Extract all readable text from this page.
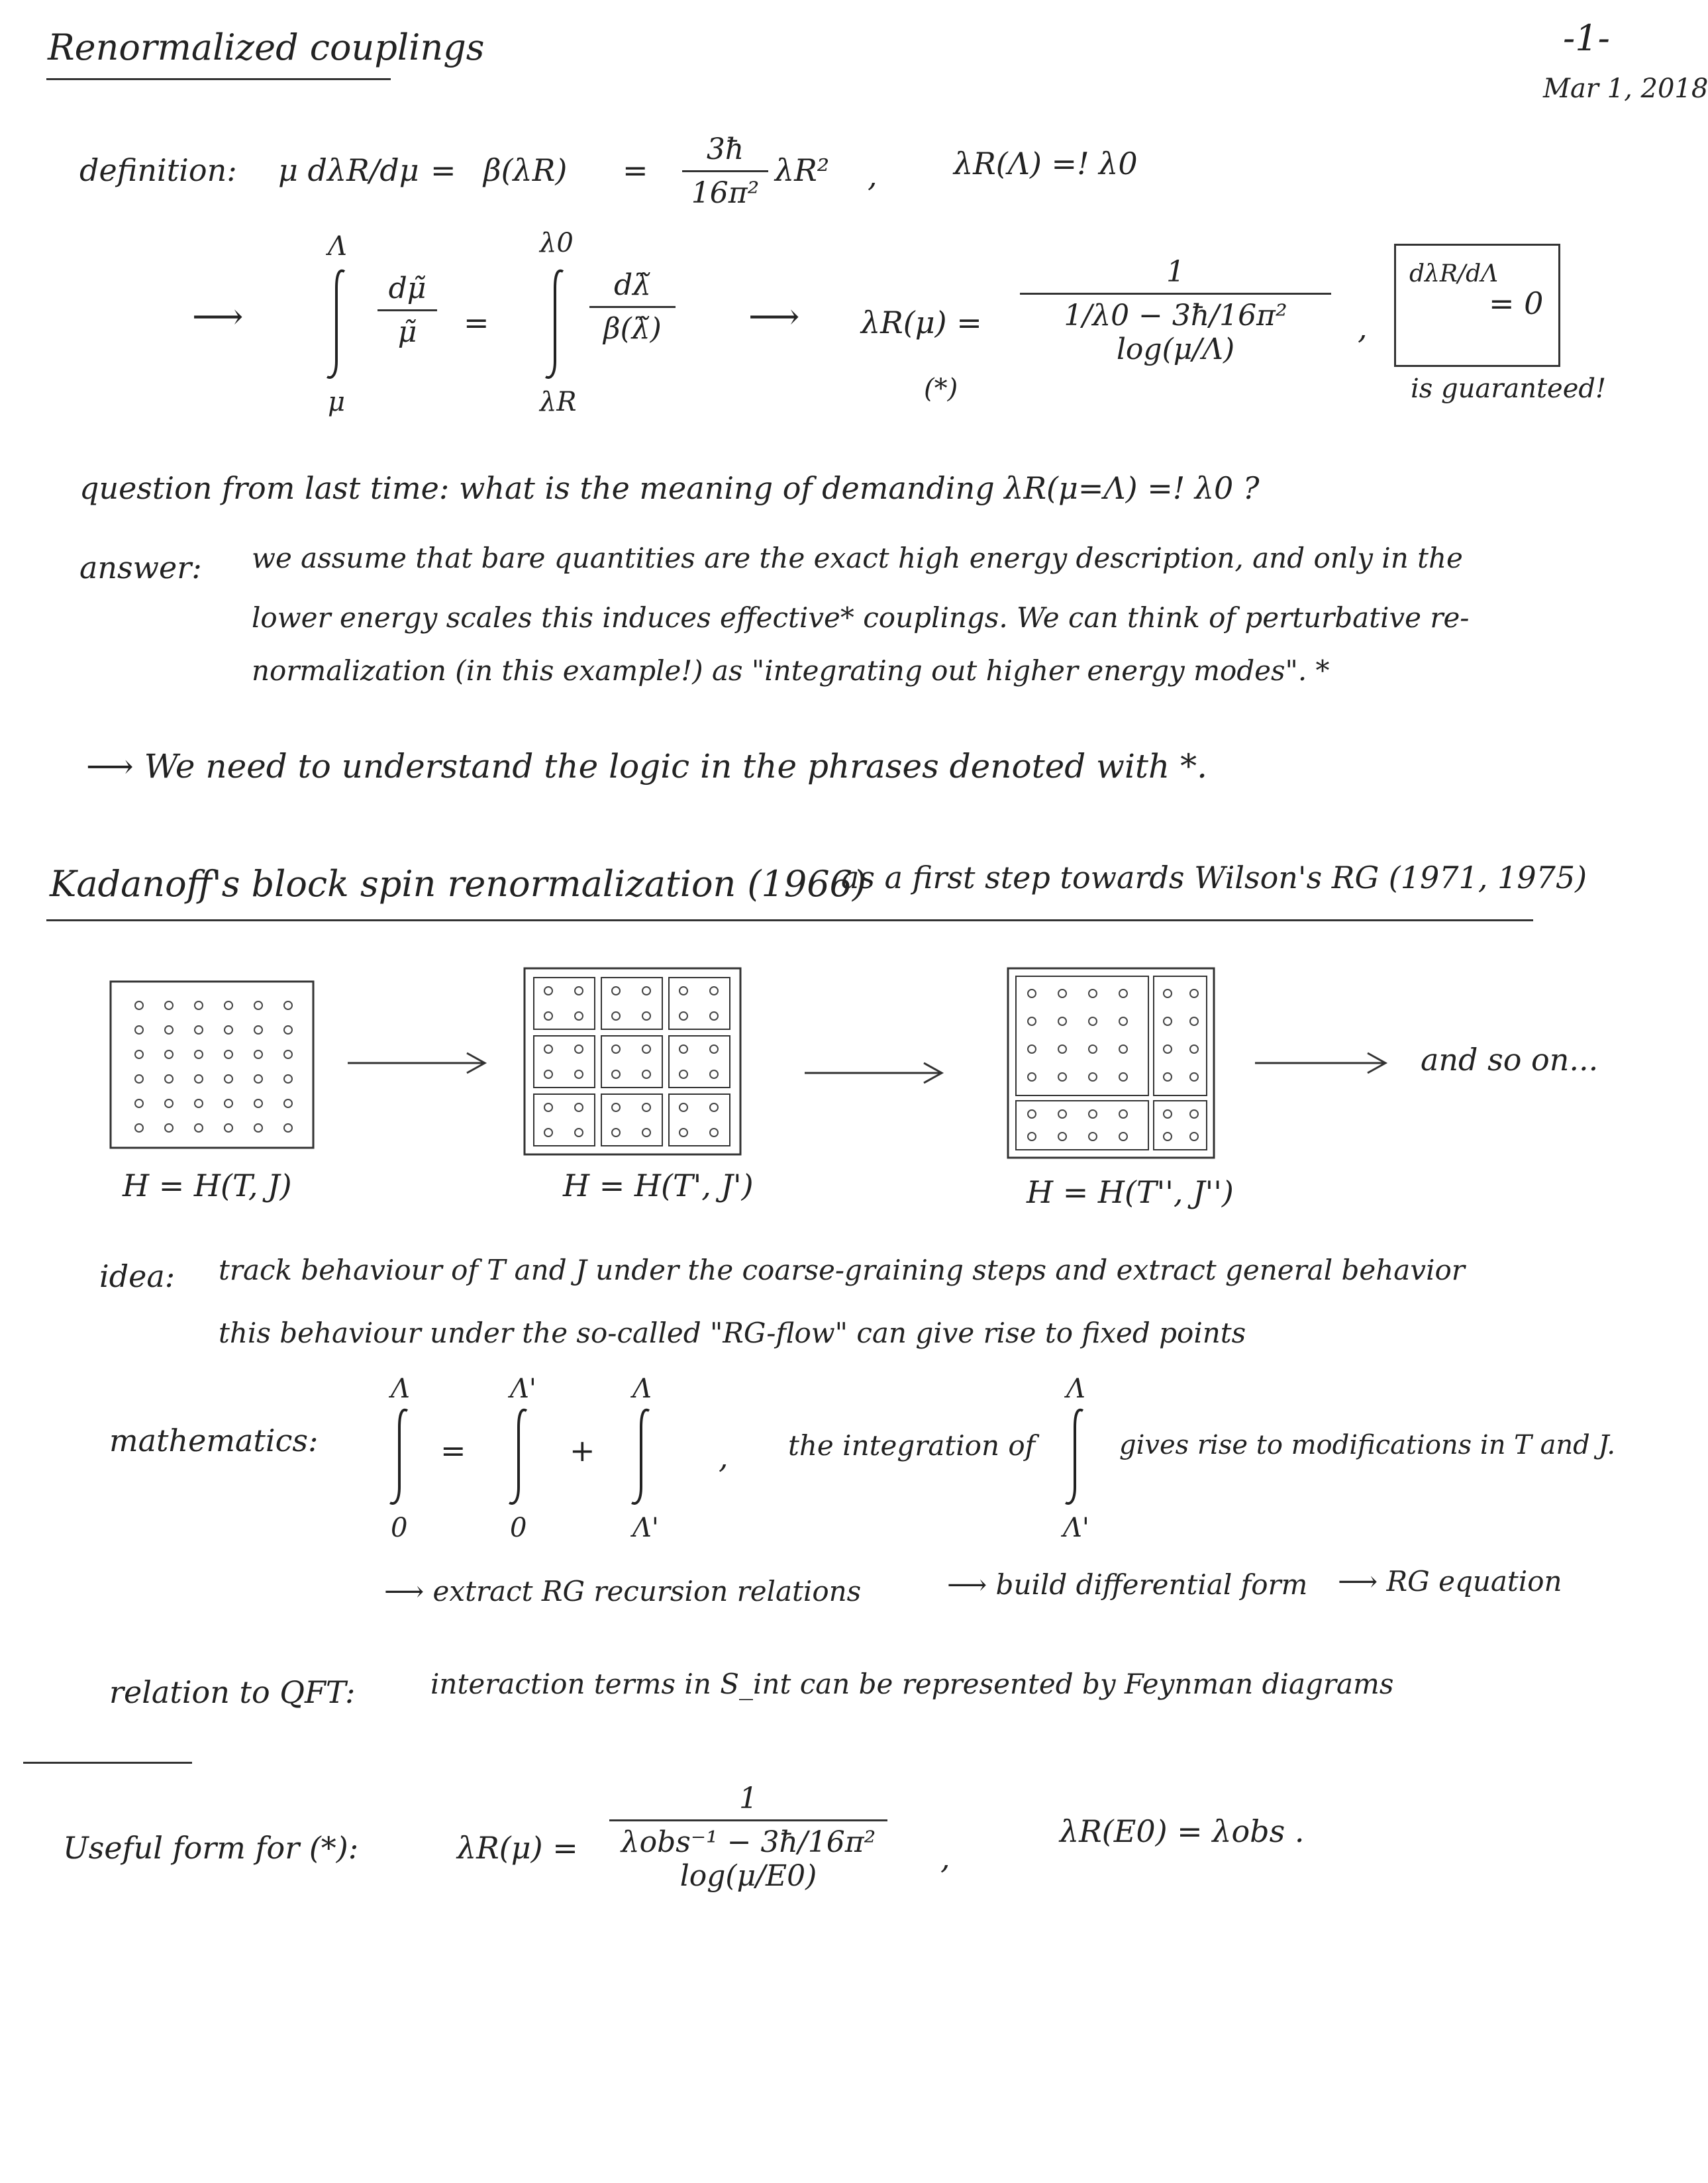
Renormalized couplings	-1-
Mar 1, 2018
definition: μ dλR/dμ = β(λR) =
3ħ
16π²
λR² ,	λR(Λ) =! λ0
⟶
Λ
μ
dμ̃
μ̃	=
λ0
λR
dλ̃
β(λ̃)	⟶ λR(μ) =
1
1/λ0 − 3ħ/16π² log(μ/Λ)
(*)
,
dλR/dΛ
= 0
is guaranteed!
question from last time: what is the meaning of demanding λR(μ=Λ) =! λ0 ?
answer: we assume that bare quantities are the exact high energy description, and only in the
lower energy scales this induces effective* couplings. We can think of perturbative re-
normalization (in this example!) as "integrating out higher energy modes". *
⟶ We need to understand the logic in the phrases denoted with *.
Kadanoff's block spin renormalization (1966)
as a first step towards Wilson's RG (1971, 1975)
and so on...
H = H(T, J)	H = H(T', J')	H = H(T'', J'')
idea: track behaviour of T and J under the coarse-graining steps and extract general behavior
this behaviour under the so-called "RG-flow" can give rise to fixed points
mathematics:
Λ
0
=
Λ'
0
+
Λ
Λ'
, the integration of
Λ
Λ'
gives rise to modifications in T and J.
⟶ extract RG recursion relations	⟶ build differential form ⟶ RG equation
relation to QFT:	interaction terms in S_int can be represented by Feynman diagrams
Useful form for (*):	λR(μ) =
1
λobs⁻¹ − 3ħ/16π² log(μ/E0)
,
λR(E0) = λobs .
